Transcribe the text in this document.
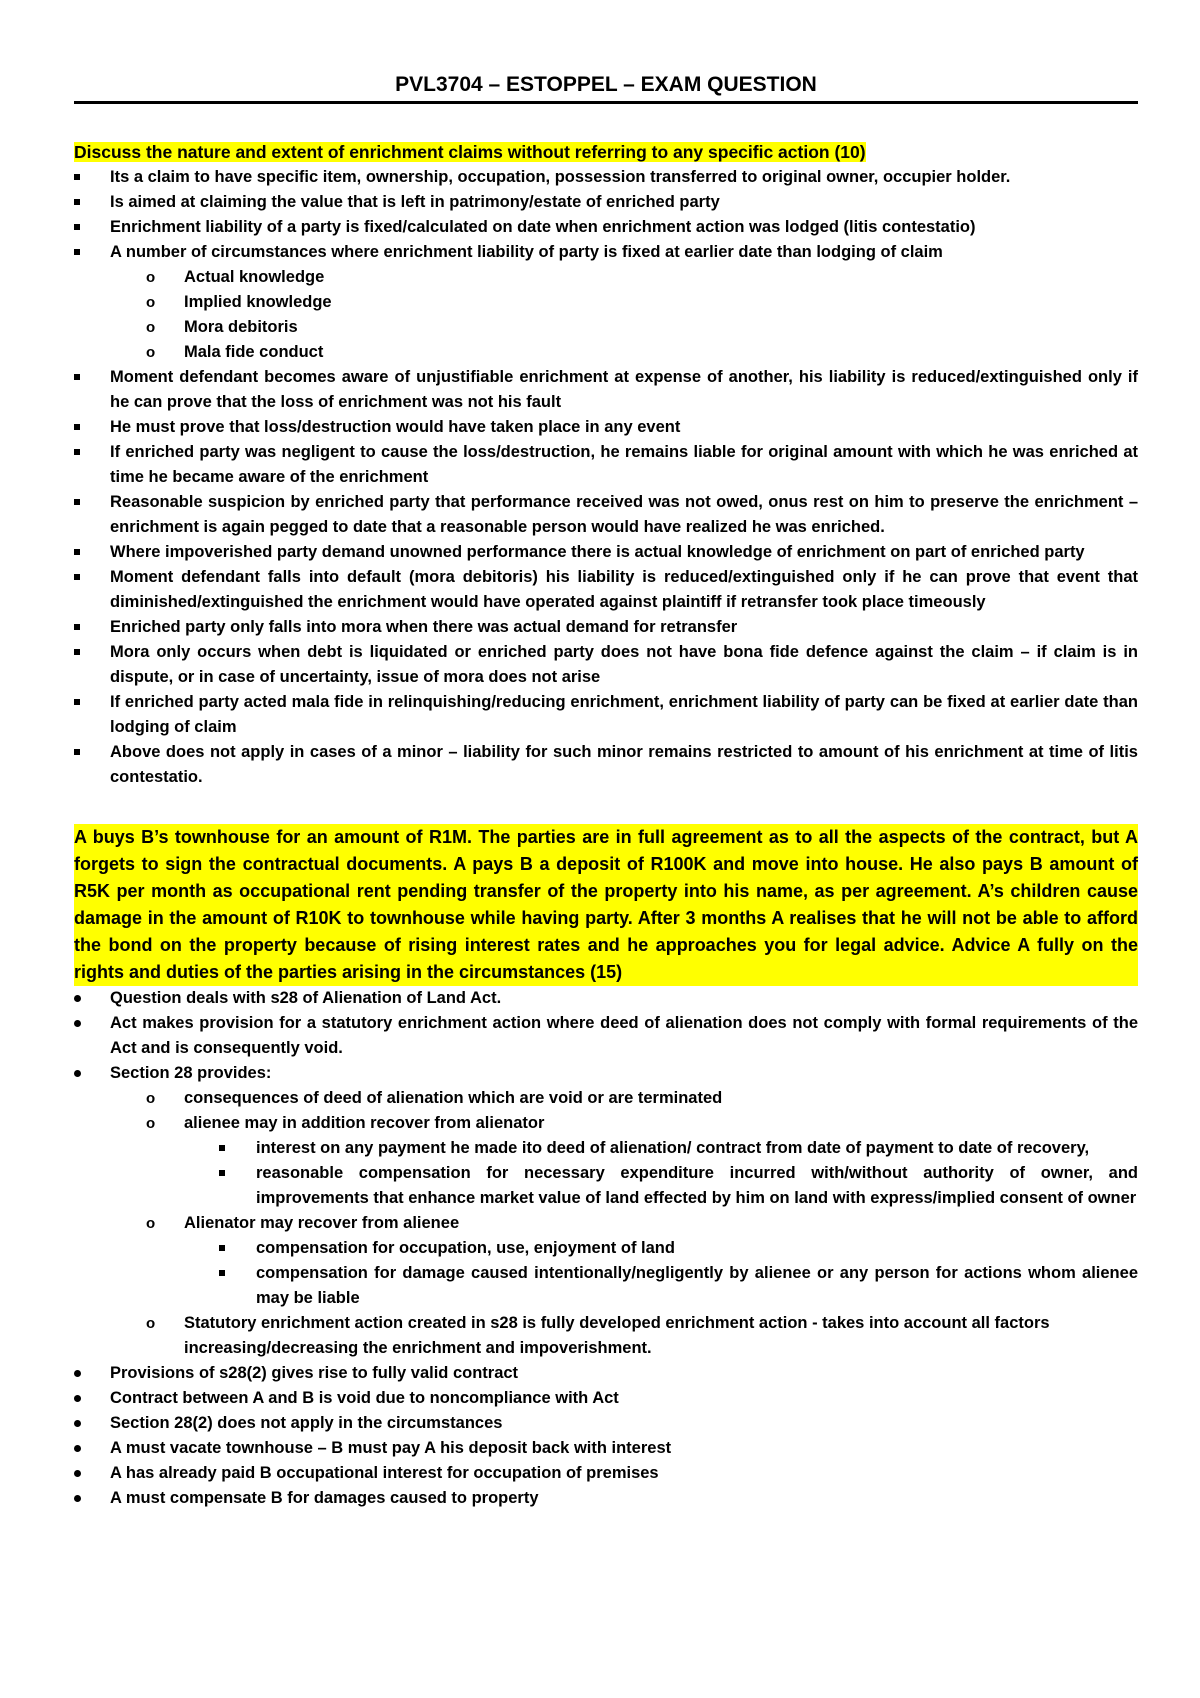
PVL3704 – ESTOPPEL – EXAM QUESTION
Discuss the nature and extent of enrichment claims without referring to any specific action (10)
Its a claim to have specific item, ownership, occupation, possession transferred to original owner, occupier holder.
Is aimed at claiming the value that is left in patrimony/estate of enriched party
Enrichment liability of a party is fixed/calculated on date when enrichment action was lodged (litis contestatio)
A number of circumstances where enrichment liability of party is fixed at earlier date than lodging of claim
o Actual knowledge
o Implied knowledge
o Mora debitoris
o Mala fide conduct
Moment defendant becomes aware of unjustifiable enrichment at expense of another, his liability is reduced/extinguished only if he can prove that the loss of enrichment was not his fault
He must prove that loss/destruction would have taken place in any event
If enriched party was negligent to cause the loss/destruction, he remains liable for original amount with which he was enriched at time he became aware of the enrichment
Reasonable suspicion by enriched party that performance received was not owed, onus rest on him to preserve the enrichment – enrichment is again pegged to date that a reasonable person would have realized he was enriched.
Where impoverished party demand unowned performance there is actual knowledge of enrichment on part of enriched party
Moment defendant falls into default (mora debitoris) his liability is reduced/extinguished only if he can prove that event that diminished/extinguished the enrichment would have operated against plaintiff if retransfer took place timeously
Enriched party only falls into mora when there was actual demand for retransfer
Mora only occurs when debt is liquidated or enriched party does not have bona fide defence against the claim – if claim is in dispute, or in case of uncertainty, issue of mora does not arise
If enriched party acted mala fide in relinquishing/reducing enrichment, enrichment liability of party can be fixed at earlier date than lodging of claim
Above does not apply in cases of a minor – liability for such minor remains restricted to amount of his enrichment at time of litis contestatio.
A buys B’s townhouse for an amount of R1M. The parties are in full agreement as to all the aspects of the contract, but A forgets to sign the contractual documents. A pays B a deposit of R100K and move into house. He also pays B amount of R5K per month as occupational rent pending transfer of the property into his name, as per agreement. A’s children cause damage in the amount of R10K to townhouse while having party. After 3 months A realises that he will not be able to afford the bond on the property because of rising interest rates and he approaches you for legal advice. Advice A fully on the rights and duties of the parties arising in the circumstances (15)
Question deals with s28 of Alienation of Land Act.
Act makes provision for a statutory enrichment action where deed of alienation does not comply with formal requirements of the Act and is consequently void.
Section 28 provides:
o consequences of deed of alienation which are void or are terminated
o alienee may in addition recover from alienator
interest on any payment he made ito deed of alienation/ contract from date of payment to date of recovery,
reasonable compensation for necessary expenditure incurred with/without authority of owner, and improvements that enhance market value of land effected by him on land with express/implied consent of owner
o Alienator may recover from alienee
compensation for occupation, use, enjoyment of land
compensation for damage caused intentionally/negligently by alienee or any person for actions whom alienee may be liable
o Statutory enrichment action created in s28 is fully developed enrichment action - takes into account all factors increasing/decreasing the enrichment and impoverishment.
Provisions of s28(2) gives rise to fully valid contract
Contract between A and B is void due to noncompliance with Act
Section 28(2) does not apply in the circumstances
A must vacate townhouse – B must pay A his deposit back with interest
A has already paid B occupational interest for occupation of premises
A must compensate B for damages caused to property
